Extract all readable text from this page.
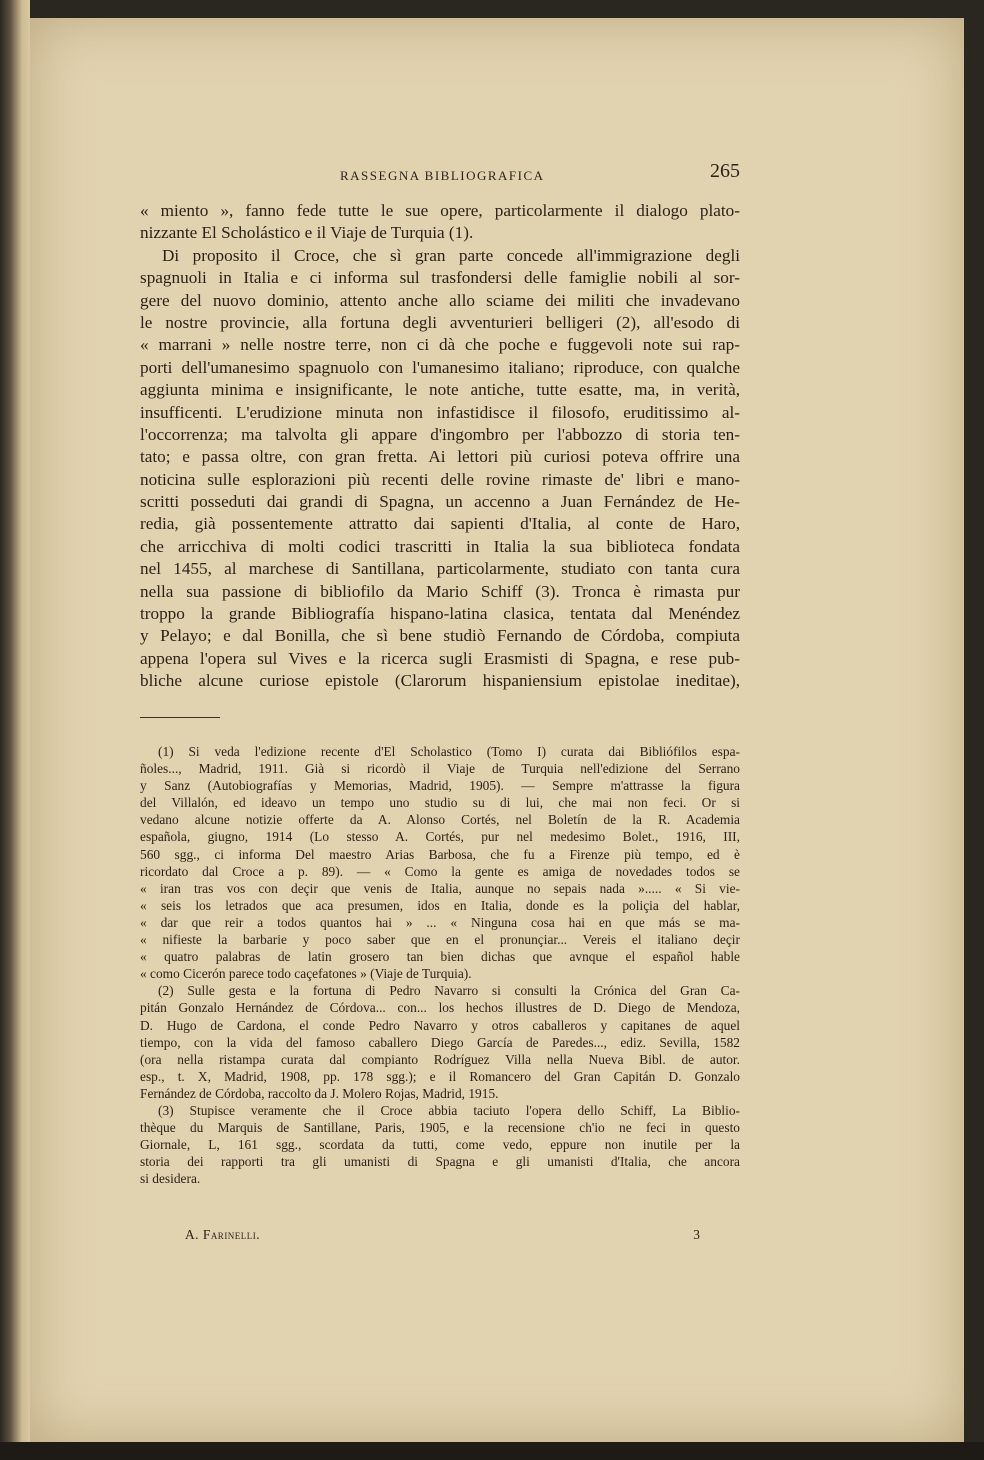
RASSEGNA BIBLIOGRAFICA	265
« miento », fanno fede tutte le sue opere, particolarmente il dialogo plato-
nizzante El Scholástico e il Viaje de Turquia (1).
Di proposito il Croce, che sì gran parte concede all'immigrazione degli
spagnuoli in Italia e ci informa sul trasfondersi delle famiglie nobili al sor-
gere del nuovo dominio, attento anche allo sciame dei militi che invadevano
le nostre provincie, alla fortuna degli avventurieri belligeri (2), all'esodo di
« marrani » nelle nostre terre, non ci dà che poche e fuggevoli note sui rap-
porti dell'umanesimo spagnuolo con l'umanesimo italiano; riproduce, con qualche
aggiunta minima e insignificante, le note antiche, tutte esatte, ma, in verità,
insufficenti. L'erudizione minuta non infastidisce il filosofo, eruditissimo al-
l'occorrenza; ma talvolta gli appare d'ingombro per l'abbozzo di storia ten-
tato; e passa oltre, con gran fretta. Ai lettori più curiosi poteva offrire una
noticina sulle esplorazioni più recenti delle rovine rimaste de' libri e mano-
scritti posseduti dai grandi di Spagna, un accenno a Juan Fernández de He-
redia, già possentemente attratto dai sapienti d'Italia, al conte de Haro,
che arricchiva di molti codici trascritti in Italia la sua biblioteca fondata
nel 1455, al marchese di Santillana, particolarmente, studiato con tanta cura
nella sua passione di bibliofilo da Mario Schiff (3). Tronca è rimasta pur
troppo la grande Bibliografía hispano-latina clasica, tentata dal Menéndez
y Pelayo; e dal Bonilla, che sì bene studiò Fernando de Córdoba, compiuta
appena l'opera sul Vives e la ricerca sugli Erasmisti di Spagna, e rese pub-
bliche alcune curiose epistole (Clarorum hispaniensium epistolae ineditae),
(1) Si veda l'edizione recente d'El Scholastico (Tomo I) curata dai Bibliófilos espa-
ñoles..., Madrid, 1911. Già si ricordò il Viaje de Turquia nell'edizione del Serrano
y Sanz (Autobiografías y Memorias, Madrid, 1905). — Sempre m'attrasse la figura
del Villalón, ed ideavo un tempo uno studio su di lui, che mai non feci. Or si
vedano alcune notizie offerte da A. Alonso Cortés, nel Boletín de la R. Academia
española, giugno, 1914 (Lo stesso A. Cortés, pur nel medesimo Bolet., 1916, III,
560 sgg., ci informa Del maestro Arias Barbosa, che fu a Firenze più tempo, ed è
ricordato dal Croce a p. 89). — « Como la gente es amiga de novedades todos se
« iran tras vos con deçir que venis de Italia, aunque no sepais nada »..... « Si vie-
« seis los letrados que aca presumen, idos en Italia, donde es la poliçia del hablar,
« dar que reir a todos quantos hai » ... « Ninguna cosa hai en que más se ma-
« nifieste la barbarie y poco saber que en el pronunçiar... Vereis el italiano deçir
« quatro palabras de latin grosero tan bien dichas que avnque el español hable
« como Cicerón parece todo caçefatones » (Viaje de Turquia).
(2) Sulle gesta e la fortuna di Pedro Navarro si consulti la Crónica del Gran Ca-
pitán Gonzalo Hernández de Córdova... con... los hechos illustres de D. Diego de Mendoza,
D. Hugo de Cardona, el conde Pedro Navarro y otros caballeros y capitanes de aquel
tiempo, con la vida del famoso caballero Diego García de Paredes..., ediz. Sevilla, 1582
(ora nella ristampa curata dal compianto Rodríguez Villa nella Nueva Bibl. de autor.
esp., t. X, Madrid, 1908, pp. 178 sgg.); e il Romancero del Gran Capitán D. Gonzalo
Fernández de Córdoba, raccolto da J. Molero Rojas, Madrid, 1915.
(3) Stupisce veramente che il Croce abbia taciuto l'opera dello Schiff, La Biblio-
thèque du Marquis de Santillane, Paris, 1905, e la recensione ch'io ne feci in questo
Giornale, L, 161 sgg., scordata da tutti, come vedo, eppure non inutile per la
storia dei rapporti tra gli umanisti di Spagna e gli umanisti d'Italia, che ancora
si desidera.
A. Farinelli.	3
